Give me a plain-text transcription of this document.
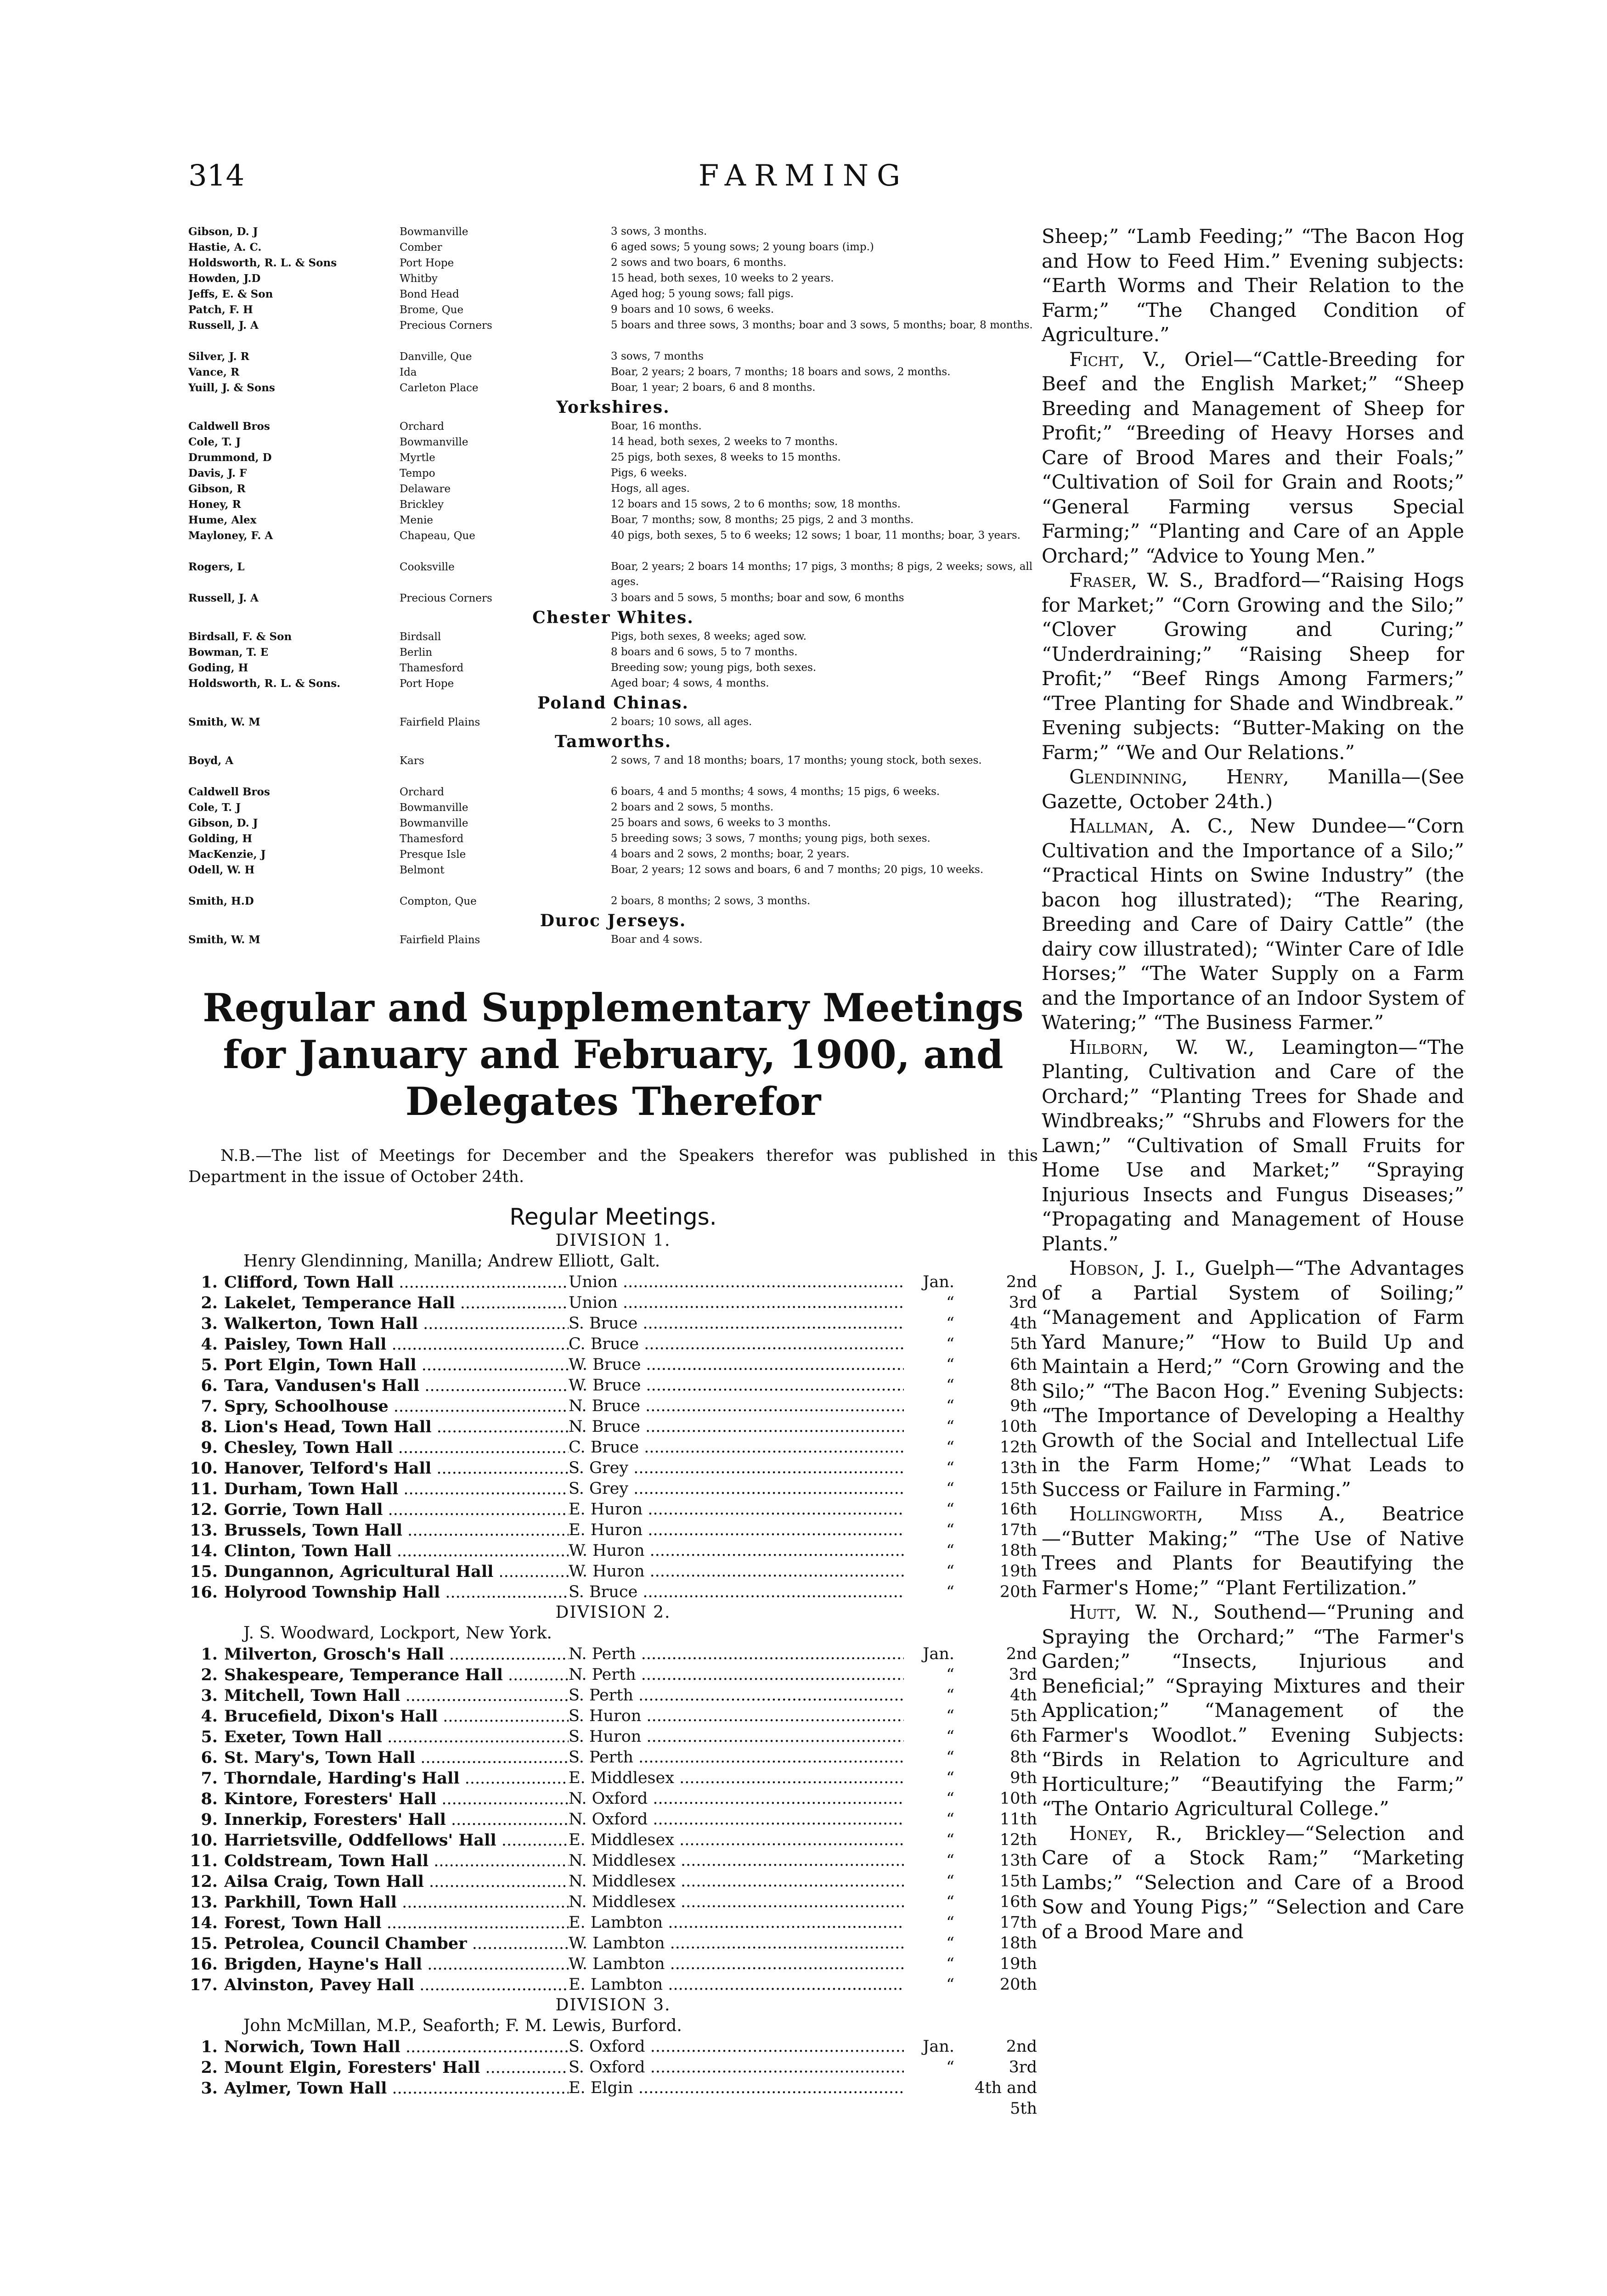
314	FARMING
Gibson, D. J	Bowmanville	3 sows, 3 months.
Hastie, A. C.	Comber	6 aged sows; 5 young sows; 2 young boars (imp.)
Holdsworth, R. L. & Sons	Port Hope	2 sows and two boars, 6 months.
Howden, J.D	Whitby	15 head, both sexes, 10 weeks to 2 years.
Jeffs, E. & Son	Bond Head	Aged hog; 5 young sows; fall pigs.
Patch, F. H	Brome, Que	9 boars and 10 sows, 6 weeks.
Russell, J. A	Precious Corners	5 boars and three sows, 3 months; boar and 3 sows, 5 months; boar, 8 months.
Silver, J. R	Danville, Que	3 sows, 7 months
Vance, R	Ida	Boar, 2 years; 2 boars, 7 months; 18 boars and sows, 2 months.
Yuill, J. & Sons	Carleton Place	Boar, 1 year; 2 boars, 6 and 8 months.
Yorkshires.
Caldwell Bros	Orchard	Boar, 16 months.
Cole, T. J	Bowmanville	14 head, both sexes, 2 weeks to 7 months.
Drummond, D	Myrtle	25 pigs, both sexes, 8 weeks to 15 months.
Davis, J. F	Tempo	Pigs, 6 weeks.
Gibson, R	Delaware	Hogs, all ages.
Honey, R	Brickley	12 boars and 15 sows, 2 to 6 months; sow, 18 months.
Hume, Alex	Menie	Boar, 7 months; sow, 8 months; 25 pigs, 2 and 3 months.
Mayloney, F. A	Chapeau, Que	40 pigs, both sexes, 5 to 6 weeks; 12 sows; 1 boar, 11 months; boar, 3 years.
Rogers, L	Cooksville	Boar, 2 years; 2 boars 14 months; 17 pigs, 3 months; 8 pigs, 2 weeks; sows, all ages.
Russell, J. A	Precious Corners	3 boars and 5 sows, 5 months; boar and sow, 6 months
Chester Whites.
Birdsall, F. & Son	Birdsall	Pigs, both sexes, 8 weeks; aged sow.
Bowman, T. E	Berlin	8 boars and 6 sows, 5 to 7 months.
Goding, H	Thamesford	Breeding sow; young pigs, both sexes.
Holdsworth, R. L. & Sons.	Port Hope	Aged boar; 4 sows, 4 months.
Poland Chinas.
Smith, W. M	Fairfield Plains	2 boars; 10 sows, all ages.
Tamworths.
Boyd, A	Kars	2 sows, 7 and 18 months; boars, 17 months; young stock, both sexes.
Caldwell Bros	Orchard	6 boars, 4 and 5 months; 4 sows, 4 months; 15 pigs, 6 weeks.
Cole, T. J	Bowmanville	2 boars and 2 sows, 5 months.
Gibson, D. J	Bowmanville	25 boars and sows, 6 weeks to 3 months.
Golding, H	Thamesford	5 breeding sows; 3 sows, 7 months; young pigs, both sexes.
MacKenzie, J	Presque Isle	4 boars and 2 sows, 2 months; boar, 2 years.
Odell, W. H	Belmont	Boar, 2 years; 12 sows and boars, 6 and 7 months; 20 pigs, 10 weeks.
Smith, H.D	Compton, Que	2 boars, 8 months; 2 sows, 3 months.
Duroc Jerseys.
Smith, W. M	Fairfield Plains	Boar and 4 sows.
Regular and Supplementary Meetings for January and February, 1900, and Delegates Therefor
N.B.—The list of Meetings for December and the Speakers therefor was published in this Department in the issue of October 24th.
Regular Meetings.
DIVISION 1.
Henry Glendinning, Manilla; Andrew Elliott, Galt.
1. Clifford, Town Hall .....	Union .....	Jan.	2nd
2. Lakelet, Temperance Hall .....	Union .....	“	3rd
3. Walkerton, Town Hall .....	S. Bruce .....	“	4th
4. Paisley, Town Hall .....	C. Bruce .....	“	5th
5. Port Elgin, Town Hall .....	W. Bruce .....	“	6th
6. Tara, Vandusen's Hall .....	W. Bruce .....	“	8th
7. Spry, Schoolhouse .....	N. Bruce .....	“	9th
8. Lion's Head, Town Hall .....	N. Bruce .....	“	10th
9. Chesley, Town Hall .....	C. Bruce .....	“	12th
10. Hanover, Telford's Hall .....	S. Grey .....	“	13th
11. Durham, Town Hall .....	S. Grey .....	“	15th
12. Gorrie, Town Hall .....	E. Huron .....	“	16th
13. Brussels, Town Hall .....	E. Huron .....	“	17th
14. Clinton, Town Hall .....	W. Huron .....	“	18th
15. Dungannon, Agricultural Hall .....	W. Huron .....	“	19th
16. Holyrood Township Hall .....	S. Bruce .....	“	20th
DIVISION 2.
J. S. Woodward, Lockport, New York.
1. Milverton, Grosch's Hall .....	N. Perth .....	Jan.	2nd
2. Shakespeare, Temperance Hall .....	N. Perth .....	“	3rd
3. Mitchell, Town Hall .....	S. Perth .....	“	4th
4. Brucefield, Dixon's Hall .....	S. Huron .....	“	5th
5. Exeter, Town Hall .....	S. Huron .....	“	6th
6. St. Mary's, Town Hall .....	S. Perth .....	“	8th
7. Thorndale, Harding's Hall .....	E. Middlesex .....	“	9th
8. Kintore, Foresters' Hall .....	N. Oxford .....	“	10th
9. Innerkip, Foresters' Hall .....	N. Oxford .....	“	11th
10. Harrietsville, Oddfellows' Hall .....	E. Middlesex .....	“	12th
11. Coldstream, Town Hall .....	N. Middlesex .....	“	13th
12. Ailsa Craig, Town Hall .....	N. Middlesex .....	“	15th
13. Parkhill, Town Hall .....	N. Middlesex .....	“	16th
14. Forest, Town Hall .....	E. Lambton .....	“	17th
15. Petrolea, Council Chamber .....	W. Lambton .....	“	18th
16. Brigden, Hayne's Hall .....	W. Lambton .....	“	19th
17. Alvinston, Pavey Hall .....	E. Lambton .....	“	20th
DIVISION 3.
John McMillan, M.P., Seaforth; F. M. Lewis, Burford.
1. Norwich, Town Hall .....	S. Oxford .....	Jan.	2nd
2. Mount Elgin, Foresters' Hall .....	S. Oxford .....	“	3rd
3. Aylmer, Town Hall .....	E. Elgin .....	4th and 5th

Sheep;” “Lamb Feeding;” “The Bacon Hog and How to Feed Him.” Evening subjects: “Earth Worms and Their Relation to the Farm;” “The Changed Condition of Agriculture.”

Ficht, V., Oriel—“Cattle-Breeding for Beef and the English Market;” “Sheep Breeding and Management of Sheep for Profit;” “Breeding of Heavy Horses and Care of Brood Mares and their Foals;” “Cultivation of Soil for Grain and Roots;” “General Farming versus Special Farming;” “Planting and Care of an Apple Orchard;” “Advice to Young Men.”

Fraser, W. S., Bradford—“Raising Hogs for Market;” “Corn Growing and the Silo;” “Clover Growing and Curing;” “Underdraining;” “Raising Sheep for Profit;” “Beef Rings Among Farmers;” “Tree Planting for Shade and Windbreak.” Evening subjects: “Butter-Making on the Farm;” “We and Our Relations.”

Glendinning, Henry, Manilla—(See Gazette, October 24th.)

Hallman, A. C., New Dundee—“Corn Cultivation and the Importance of a Silo;” “Practical Hints on Swine Industry” (the bacon hog illustrated); “The Rearing, Breeding and Care of Dairy Cattle” (the dairy cow illustrated); “Winter Care of Idle Horses;” “The Water Supply on a Farm and the Importance of an Indoor System of Watering;” “The Business Farmer.”

Hilborn, W. W., Leamington—“The Planting, Cultivation and Care of the Orchard;” “Planting Trees for Shade and Windbreaks;” “Shrubs and Flowers for the Lawn;” “Cultivation of Small Fruits for Home Use and Market;” “Spraying Injurious Insects and Fungus Diseases;” “Propagating and Management of House Plants.”

Hobson, J. I., Guelph—“The Advantages of a Partial System of Soiling;” “Management and Application of Farm Yard Manure;” “How to Build Up and Maintain a Herd;” “Corn Growing and the Silo;” “The Bacon Hog.” Evening Subjects: “The Importance of Developing a Healthy Growth of the Social and Intellectual Life in the Farm Home;” “What Leads to Success or Failure in Farming.”

Hollingworth, Miss A., Beatrice—“Butter Making;” “The Use of Native Trees and Plants for Beautifying the Farmer's Home;” “Plant Fertilization.”

Hutt, W. N., Southend—“Pruning and Spraying the Orchard;” “The Farmer's Garden;” “Insects, Injurious and Beneficial;” “Spraying Mixtures and their Application;” “Management of the Farmer's Woodlot.” Evening Subjects: “Birds in Relation to Agriculture and Horticulture;” “Beautifying the Farm;” “The Ontario Agricultural College.”

Honey, R., Brickley—“Selection and Care of a Stock Ram;” “Marketing Lambs;” “Selection and Care of a Brood Sow and Young Pigs;” “Selection and Care of a Brood Mare and
